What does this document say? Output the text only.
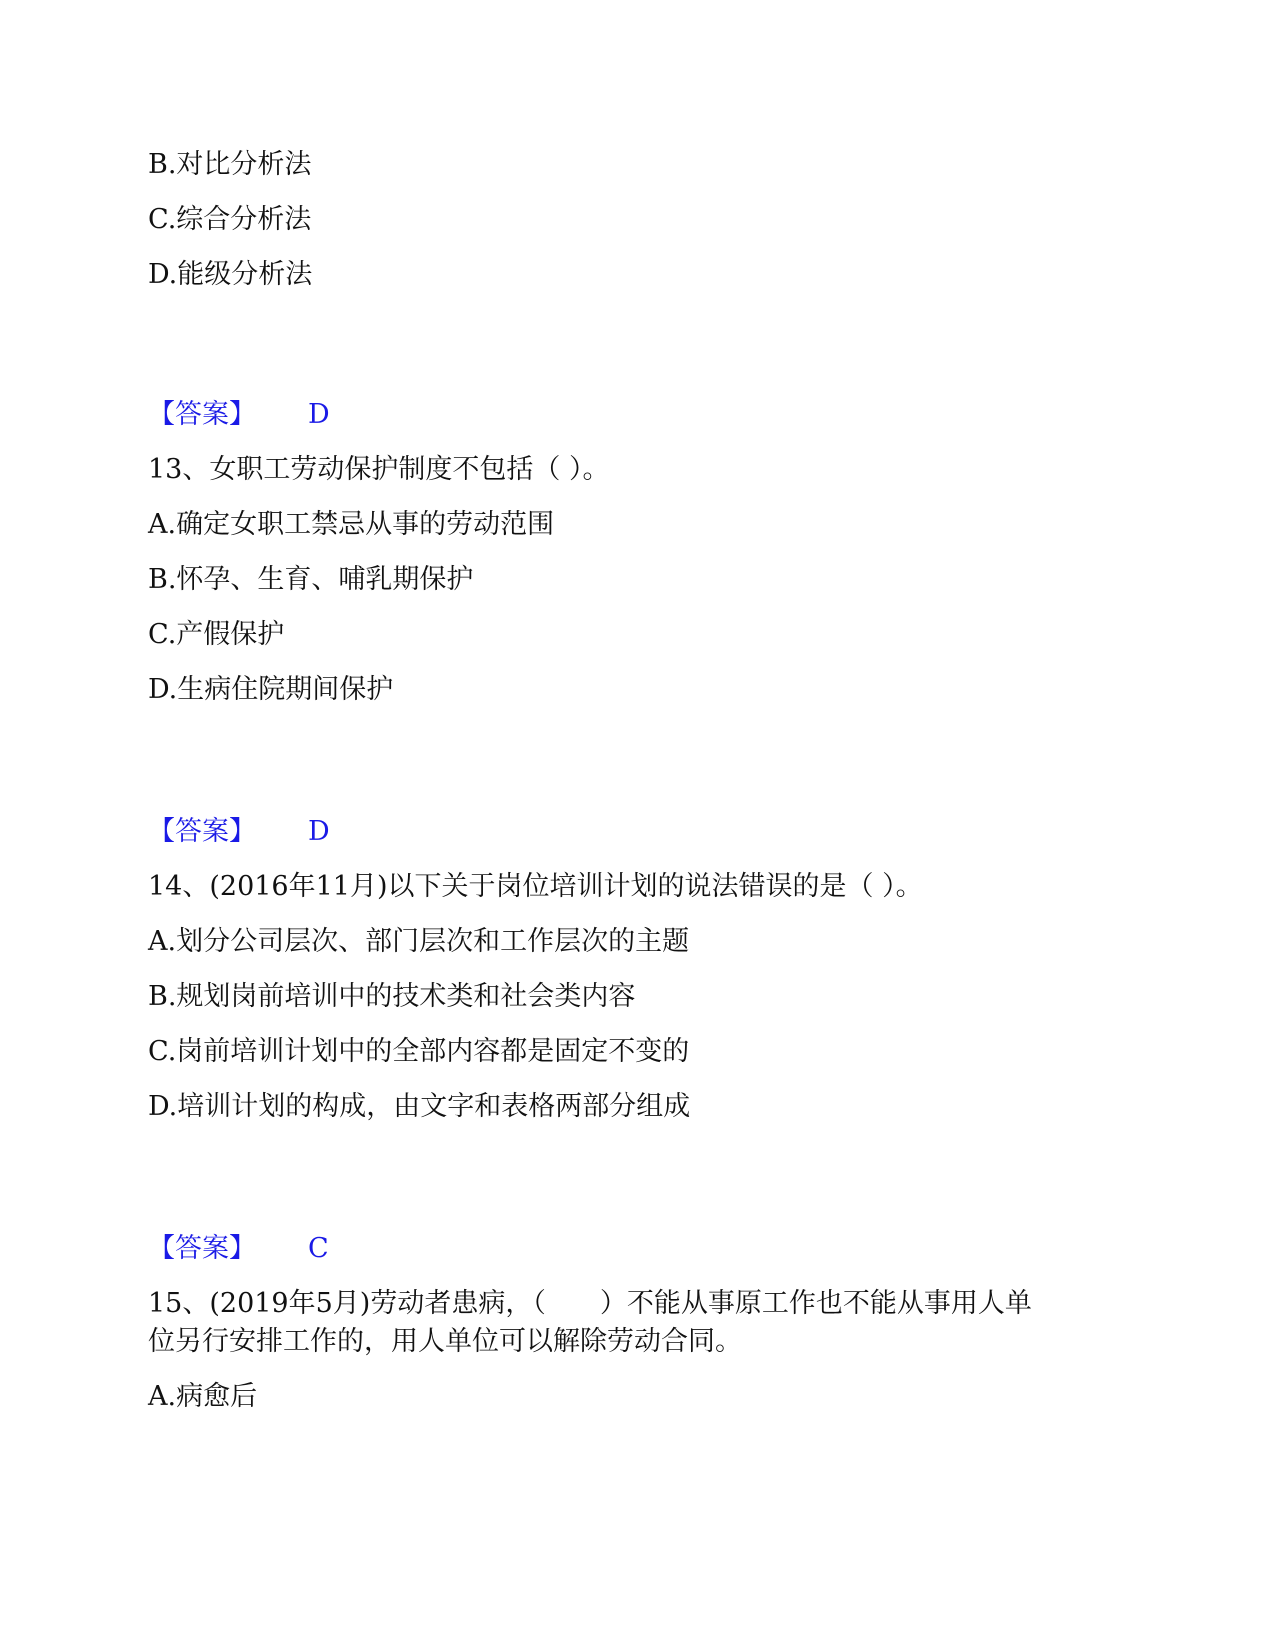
B.对比分析法
C.综合分析法
D.能级分析法
【答案】 D
13、女职工劳动保护制度不包括（ ）。
A.确定女职工禁忌从事的劳动范围
B.怀孕、生育、哺乳期保护
C.产假保护
D.生病住院期间保护
【答案】 D
14、(2016年11月)以下关于岗位培训计划的说法错误的是（ ）。
A.划分公司层次、部门层次和工作层次的主题
B.规划岗前培训中的技术类和社会类内容
C.岗前培训计划中的全部内容都是固定不变的
D.培训计划的构成，由文字和表格两部分组成
【答案】 C
15、(2019年5月)劳动者患病，（　　）不能从事原工作也不能从事用人单
位另行安排工作的，用人单位可以解除劳动合同。
A.病愈后
